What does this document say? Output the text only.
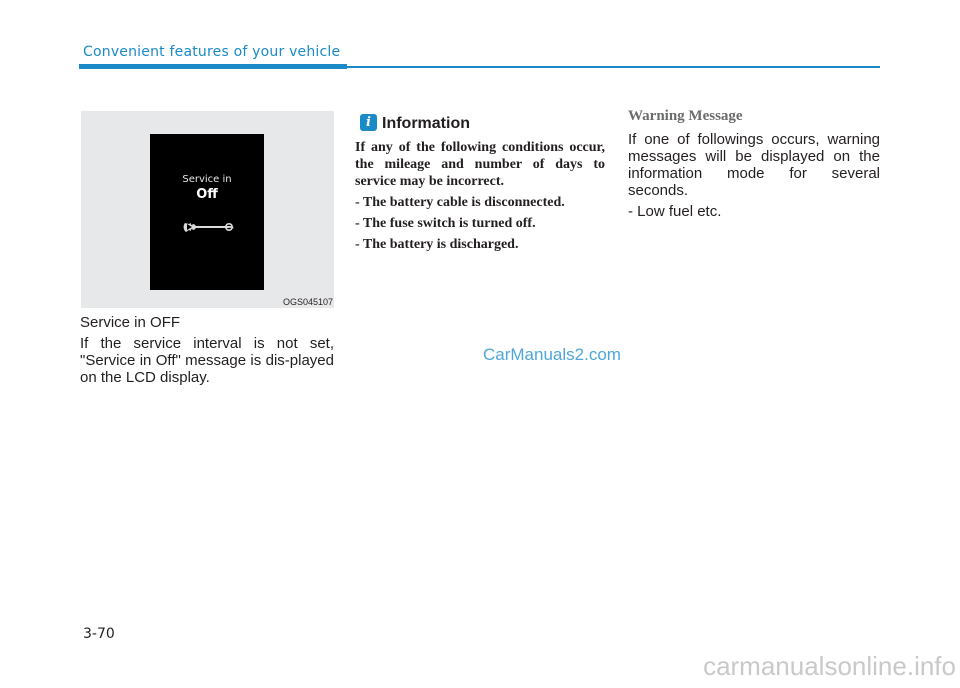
Convenient features of your vehicle
Service in
Off
OGS045107

Service in OFF

If the service interval is not set, "Service in Off" message is dis-played on the LCD display.

i Information

If any of the following conditions occur, the mileage and number of days to service may be incorrect.

- The battery cable is disconnected.

- The fuse switch is turned off.

- The battery is discharged.

Warning Message

If one of followings occurs, warning messages will be displayed on the information mode for several seconds.

- Low fuel etc.

CarManuals2.com
3-70
carmanualsonline.info
